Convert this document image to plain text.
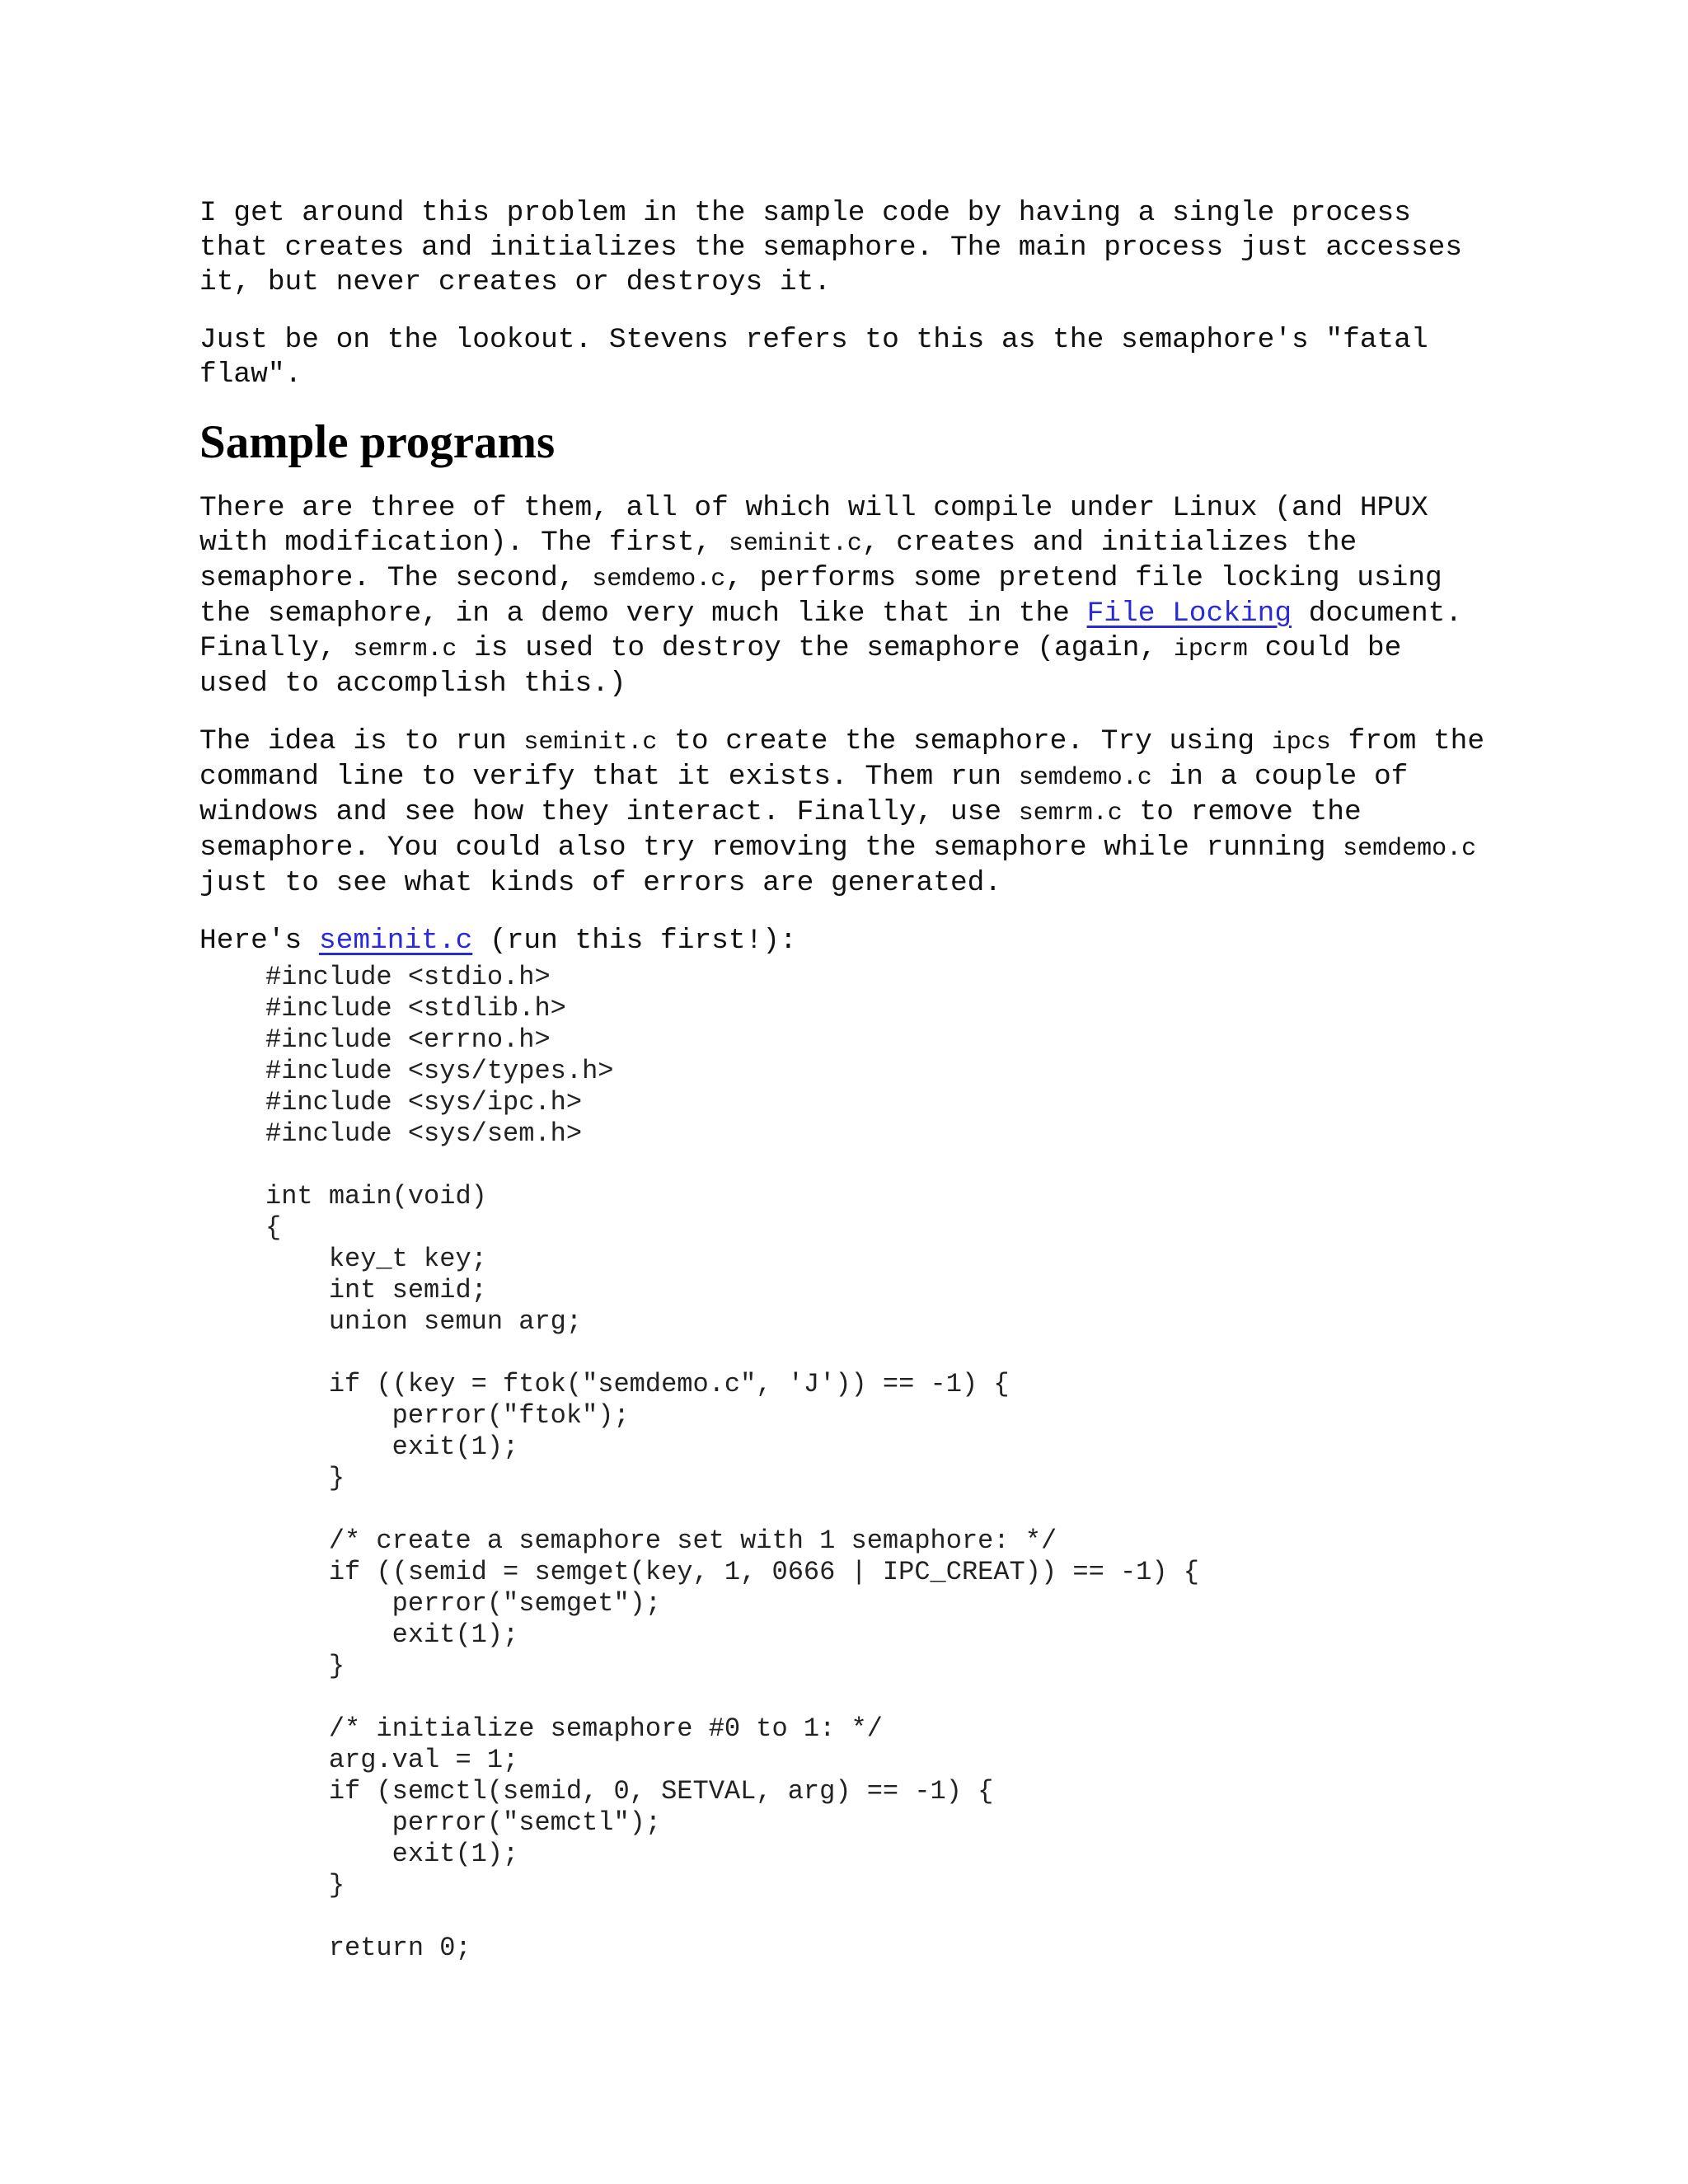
I get around this problem in the sample code by having a single process that creates and initializes the semaphore. The main process just accesses it, but never creates or destroys it.

Just be on the lookout. Stevens refers to this as the semaphore's "fatal flaw".

Sample programs

There are three of them, all of which will compile under Linux (and HPUX with modification). The first, seminit.c, creates and initializes the semaphore. The second, semdemo.c, performs some pretend file locking using the semaphore, in a demo very much like that in the File Locking document. Finally, semrm.c is used to destroy the semaphore (again, ipcrm could be used to accomplish this.)

The idea is to run seminit.c to create the semaphore. Try using ipcs from the command line to verify that it exists. Them run semdemo.c in a couple of windows and see how they interact. Finally, use semrm.c to remove the semaphore. You could also try removing the semaphore while running semdemo.c just to see what kinds of errors are generated.

Here's seminit.c (run this first!):

#include <stdio.h>
#include <stdlib.h>
#include <errno.h>
#include <sys/types.h>
#include <sys/ipc.h>
#include <sys/sem.h>
int main(void)
{
key_t key;
int semid;
union semun arg;
if ((key = ftok("semdemo.c", 'J')) == -1) {
perror("ftok");
exit(1);
}
/* create a semaphore set with 1 semaphore: */
if ((semid = semget(key, 1, 0666 | IPC_CREAT)) == -1) {
perror("semget");
exit(1);
}
/* initialize semaphore #0 to 1: */
arg.val = 1;
if (semctl(semid, 0, SETVAL, arg) == -1) {
perror("semctl");
exit(1);
}
return 0;
